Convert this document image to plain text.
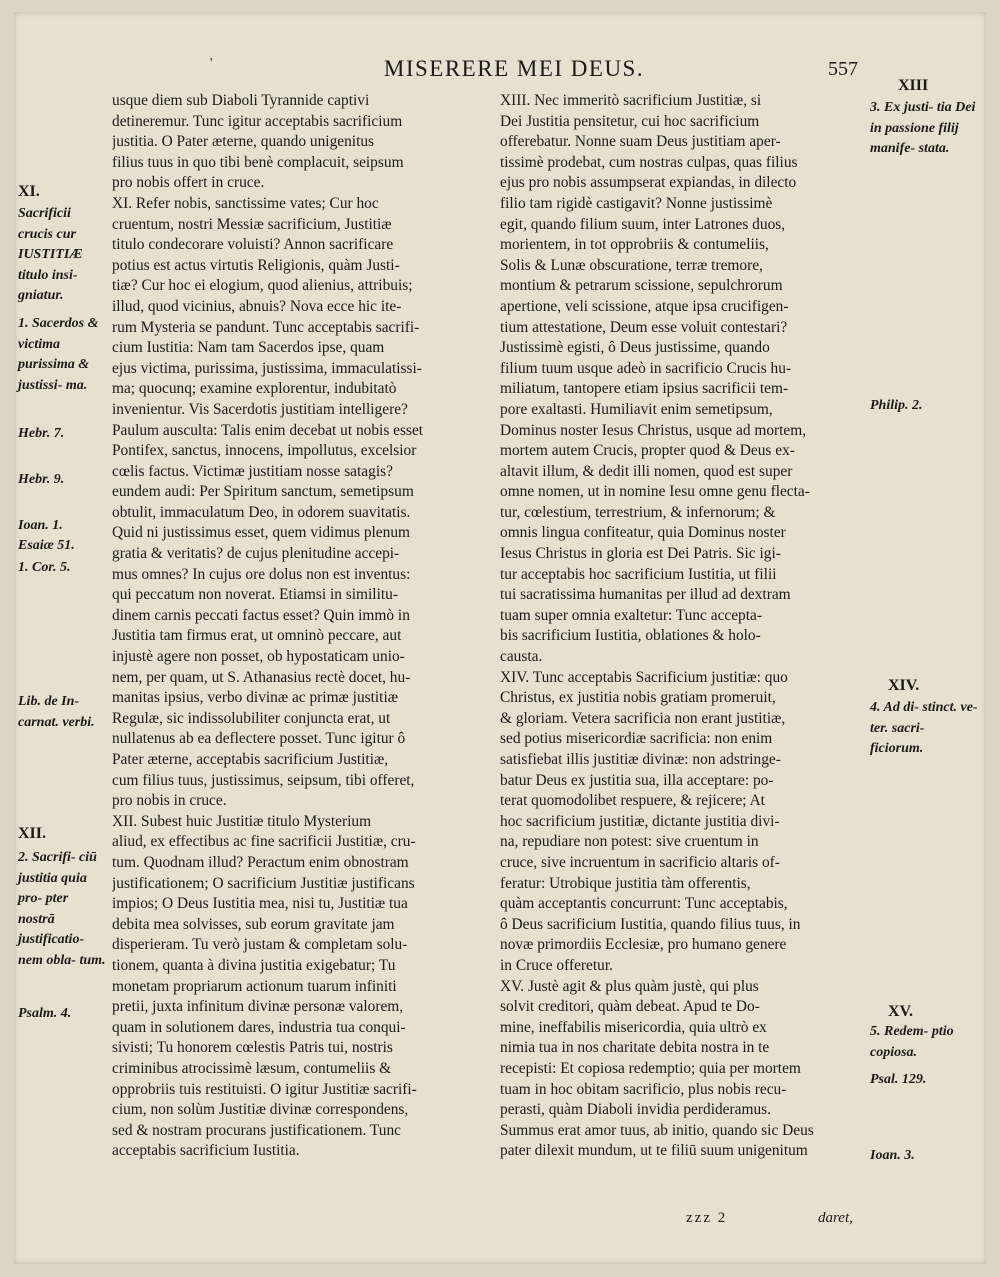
'	MISERERE MEI DEUS.	557
usque diem sub Diaboli Tyrannide captivi
detineremur. Tunc igitur acceptabis sacrificium
justitia. O Pater æterne, quando unigenitus
filius tuus in quo tibi benè complacuit, seipsum
pro nobis offert in cruce.
XI. Refer nobis, sanctissime vates; Cur hoc
cruentum, nostri Messiæ sacrificium, Justitiæ
titulo condecorare voluisti? Annon sacrificare
potius est actus virtutis Religionis, quàm Justi-
tiæ? Cur hoc ei elogium, quod alienius, attribuis;
illud, quod vicinius, abnuis? Nova ecce hic ite-
rum Mysteria se pandunt. Tunc acceptabis sacrifi-
cium Iustitia: Nam tam Sacerdos ipse, quam
ejus victima, purissima, justissima, immaculatissi-
ma; quocunq; examine explorentur, indubitatò
invenientur. Vis Sacerdotis justitiam intelligere?
Paulum ausculta: Talis enim decebat ut nobis esset
Pontifex, sanctus, innocens, impollutus, excelsior
cœlis factus. Victimæ justitiam nosse satagis?
eundem audi: Per Spiritum sanctum, semetipsum
obtulit, immaculatum Deo, in odorem suavitatis.
Quid ni justissimus esset, quem vidimus plenum
gratia & veritatis? de cujus plenitudine accepi-
mus omnes? In cujus ore dolus non est inventus:
qui peccatum non noverat. Etiamsi in similitu-
dinem carnis peccati factus esset? Quin immò in
Justitia tam firmus erat, ut omninò peccare, aut
injustè agere non posset, ob hypostaticam unio-
nem, per quam, ut S. Athanasius rectè docet, hu-
manitas ipsius, verbo divinæ ac primæ justitiæ
Regulæ, sic indissolubiliter conjuncta erat, ut
nullatenus ab ea deflectere posset. Tunc igitur ô
Pater æterne, acceptabis sacrificium Justitiæ,
cum filius tuus, justissimus, seipsum, tibi offeret,
pro nobis in cruce.
XII. Subest huic Justitiæ titulo Mysterium
aliud, ex effectibus ac fine sacrificii Justitiæ, cru-
tum. Quodnam illud? Peractum enim obnostram
justificationem; O sacrificium Justitiæ justificans
impios; O Deus Iustitia mea, nisi tu, Justitiæ tua
debita mea solvisses, sub eorum gravitate jam
disperieram. Tu verò justam & completam solu-
tionem, quanta à divina justitia exigebatur; Tu
monetam propriarum actionum tuarum infiniti
pretii, juxta infinitum divinæ personæ valorem,
quam in solutionem dares, industria tua conqui-
sivisti; Tu honorem cœlestis Patris tui, nostris
criminibus atrocissimè læsum, contumeliis &
opprobriis tuis restituisti. O igitur Justitiæ sacrifi-
cium, non solùm Justitiæ divinæ correspondens,
sed & nostram procurans justificationem. Tunc
acceptabis sacrificium Iustitia.
XIII. Nec immeritò sacrificium Justitiæ, si
Dei Justitia pensitetur, cui hoc sacrificium
offerebatur. Nonne suam Deus justitiam aper-
tissimè prodebat, cum nostras culpas, quas filius
ejus pro nobis assumpserat expiandas, in dilecto
filio tam rigidè castigavit? Nonne justissimè
egit, quando filium suum, inter Latrones duos,
morientem, in tot opprobriis & contumeliis,
Solis & Lunæ obscuratione, terræ tremore,
montium & petrarum scissione, sepulchrorum
apertione, veli scissione, atque ipsa crucifigen-
tium attestatione, Deum esse voluit contestari?
Justissimè egisti, ô Deus justissime, quando
filium tuum usque adeò in sacrificio Crucis hu-
miliatum, tantopere etiam ipsius sacrificii tem-
pore exaltasti. Humiliavit enim semetipsum,
Dominus noster Iesus Christus, usque ad mortem,
mortem autem Crucis, propter quod & Deus ex-
altavit illum, & dedit illi nomen, quod est super
omne nomen, ut in nomine Iesu omne genu flecta-
tur, cœlestium, terrestrium, & infernorum; &
omnis lingua confiteatur, quia Dominus noster
Iesus Christus in gloria est Dei Patris. Sic igi-
tur acceptabis hoc sacrificium Iustitia, ut filii
tui sacratissima humanitas per illud ad dextram
tuam super omnia exaltetur: Tunc accepta-
bis sacrificium Iustitia, oblationes & holo-
causta.
XIV. Tunc acceptabis Sacrificium justitiæ: quo
Christus, ex justitia nobis gratiam promeruit,
& gloriam. Vetera sacrificia non erant justitiæ,
sed potius misericordiæ sacrificia: non enim
satisfiebat illis justitiæ divinæ: non adstringe-
batur Deus ex justitia sua, illa acceptare: po-
terat quomodolibet respuere, & rejicere; At
hoc sacrificium justitiæ, dictante justitia divi-
na, repudiare non potest: sive cruentum in
cruce, sive incruentum in sacrificio altaris of-
feratur: Utrobique justitia tàm offerentis,
quàm acceptantis concurrunt: Tunc acceptabis,
ô Deus sacrificium Iustitia, quando filius tuus, in
novæ primordiis Ecclesiæ, pro humano genere
in Cruce offeretur.
XV. Justè agit & plus quàm justè, qui plus
solvit creditori, quàm debeat. Apud te Do-
mine, ineffabilis misericordia, quia ultrò ex
nimia tua in nos charitate debita nostra in te
recepisti: Et copiosa redemptio; quia per mortem
tuam in hoc obitam sacrificio, plus nobis recu-
perasti, quàm Diaboli invidia perdideramus.
Summus erat amor tuus, ab initio, quando sic Deus
pater dilexit mundum, ut te filiū suum unigenitum
XI.
Sacrificii crucis cur IUSTITIÆ titulo insi- gniatur.
1. Sacerdos & victima purissima & justissi- ma.
Hebr. 7.
Hebr. 9.
Ioan. 1.
Esaiæ 51.
1. Cor. 5.
Lib. de In- carnat. verbi.
XII.
2. Sacrifi- ciū justitia quia pro- pter nostrā justificatio- nem obla- tum.
Psalm. 4.
XIII
3. Ex justi- tia Dei in passione filij manife- stata.
Philip. 2.
XIV.
4. Ad di- stinct. ve- ter. sacri- ficiorum.
XV.
5. Redem- ptio copiosa.
Psal. 129.
Ioan. 3.
zzz 2	daret,
